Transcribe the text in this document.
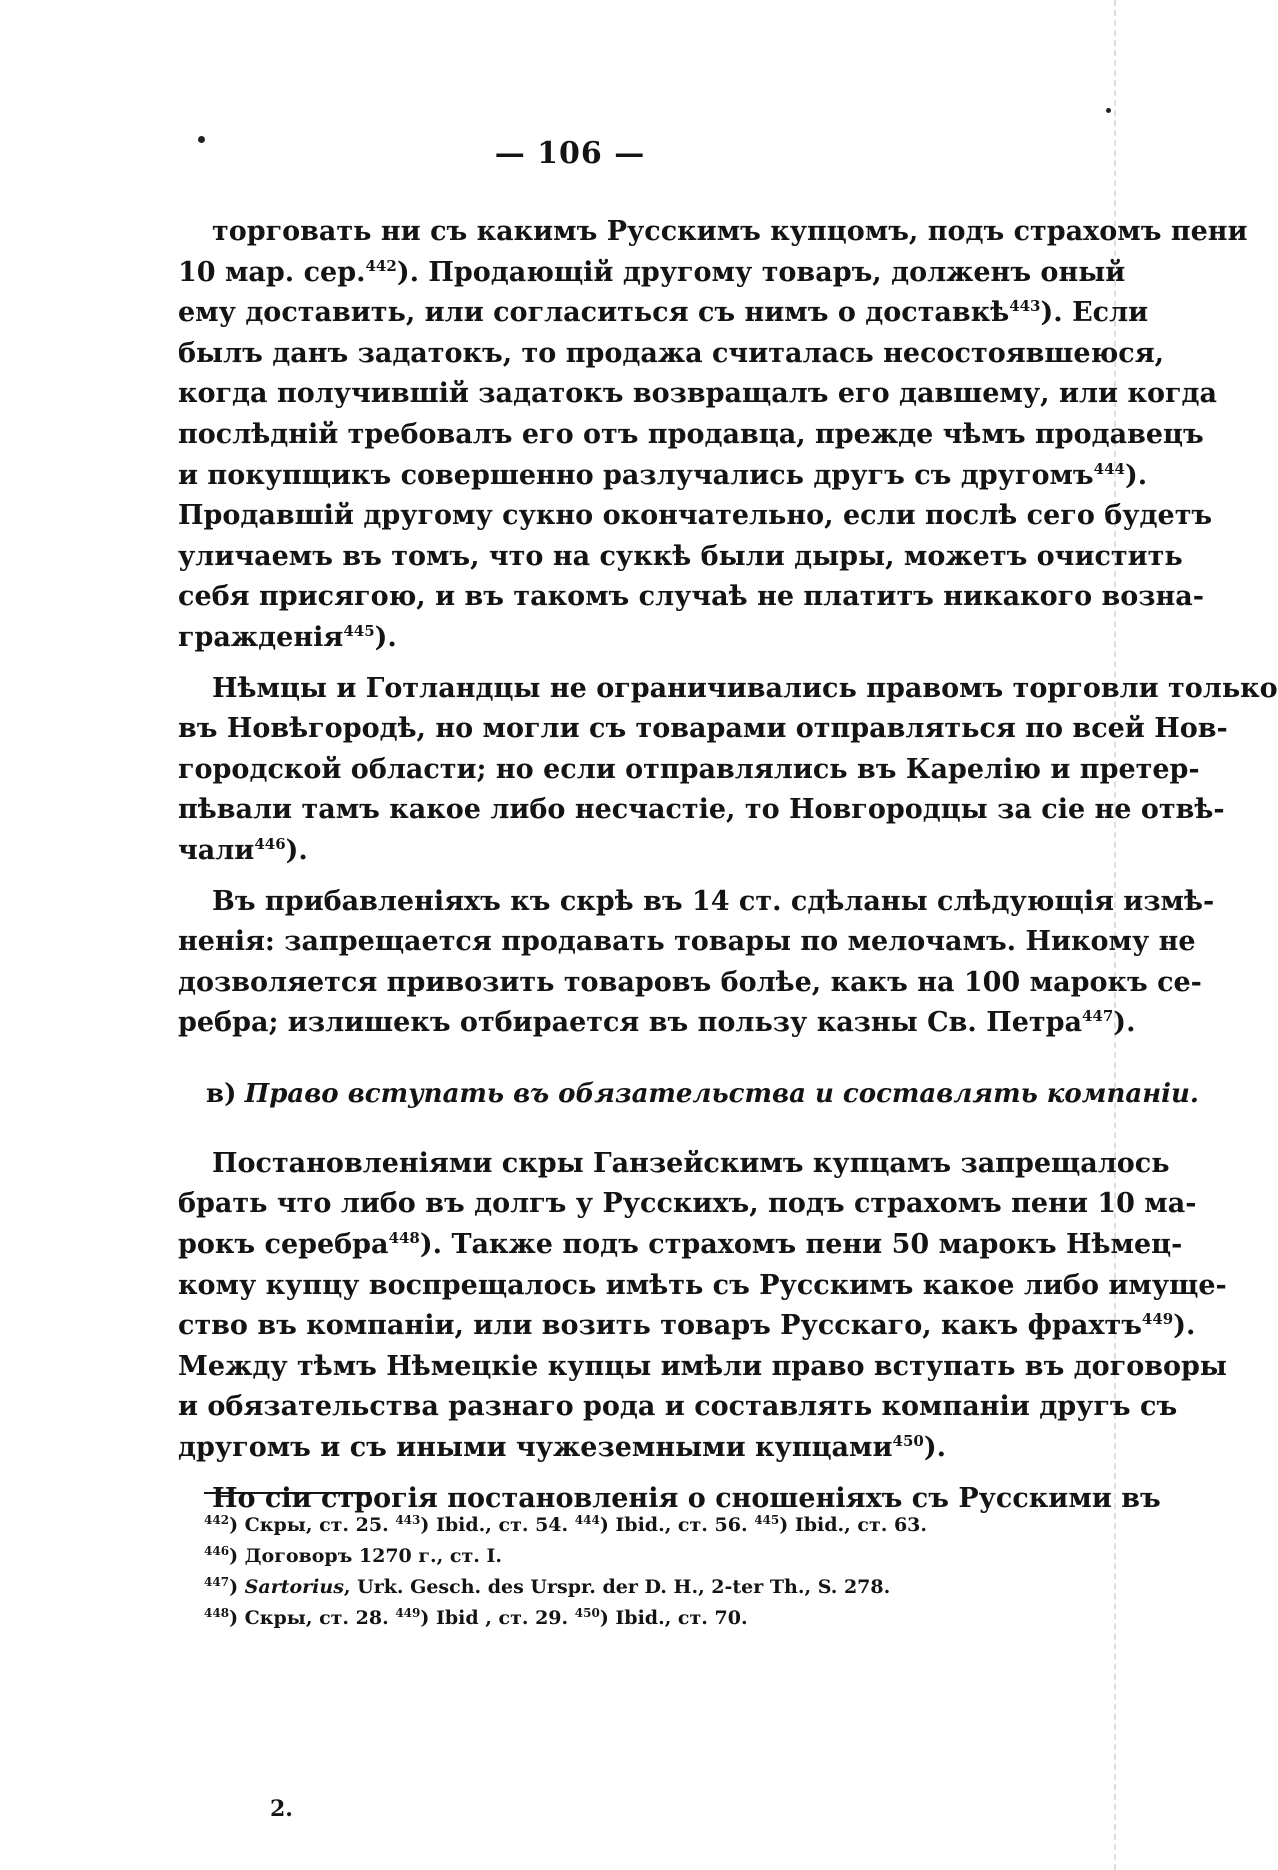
— 106 —
торговать ни съ какимъ Русскимъ купцомъ, подъ страхомъ пени
10 мар. сер.$^{442}$). Продающій другому товаръ, долженъ оный
ему доставить, или согласиться съ нимъ о доставкѣ$^{443}$). Если
былъ данъ задатокъ, то продажа считалась несостоявшеюся,
когда получившій задатокъ возвращалъ его давшему, или когда
послѣдній требовалъ его отъ продавца, прежде чѣмъ продавецъ
и покупщикъ совершенно разлучались другъ съ другомъ$^{444}$).
Продавшій другому сукно окончательно, если послѣ сего будетъ
уличаемъ въ томъ, что на суккѣ были дыры, можетъ очистить
себя присягою, и въ такомъ случаѣ не платитъ никакого возна-
гражденія$^{445}$).
Нѣмцы и Готландцы не ограничивались правомъ торговли только
въ Новѣгородѣ, но могли съ товарами отправляться по всей Нов-
городской области; но если отправлялись въ Карелію и претер-
пѣвали тамъ какое либо несчастіе, то Новгородцы за сіе не отвѣ-
чали$^{446}$).
Въ прибавленіяхъ къ скрѣ въ 14 ст. сдѣланы слѣдующія измѣ-
ненія: запрещается продавать товары по мелочамъ. Никому не
дозволяется привозить товаровъ болѣе, какъ на 100 марокъ се-
ребра; излишекъ отбирается въ пользу казны Св. Петра$^{447}$).
в) Право вступать въ обязательства и составлять компаніи.
Постановленіями скры Ганзейскимъ купцамъ запрещалось
брать что либо въ долгъ у Русскихъ, подъ страхомъ пени 10 ма-
рокъ серебра$^{448}$). Также подъ страхомъ пени 50 марокъ Нѣмец-
кому купцу воспрещалось имѣть съ Русскимъ какое либо имуще-
ство въ компаніи, или возить товаръ Русскаго, какъ фрахтъ$^{449}$).
Между тѣмъ Нѣмецкіе купцы имѣли право вступать въ договоры
и обязательства разнаго рода и составлять компаніи другъ съ
другомъ и съ иными чужеземными купцами$^{450}$).
Но сіи строгія постановленія о сношеніяхъ съ Русскими въ
$^{442}$) Скры, ст. 25. $^{443}$) Ibid., ст. 54. $^{444}$) Ibid., ст. 56. $^{445}$) Ibid., ст. 63.
$^{446}$) Договоръ 1270 г., ст. I.
$^{447}$) Sartorius, Urk. Gesch. des Urspr. der D. H., 2-ter Th., S. 278.
$^{448}$) Скры, ст. 28. $^{449}$) Ibid , ст. 29. $^{450}$) Ibid., ст. 70.
2.
